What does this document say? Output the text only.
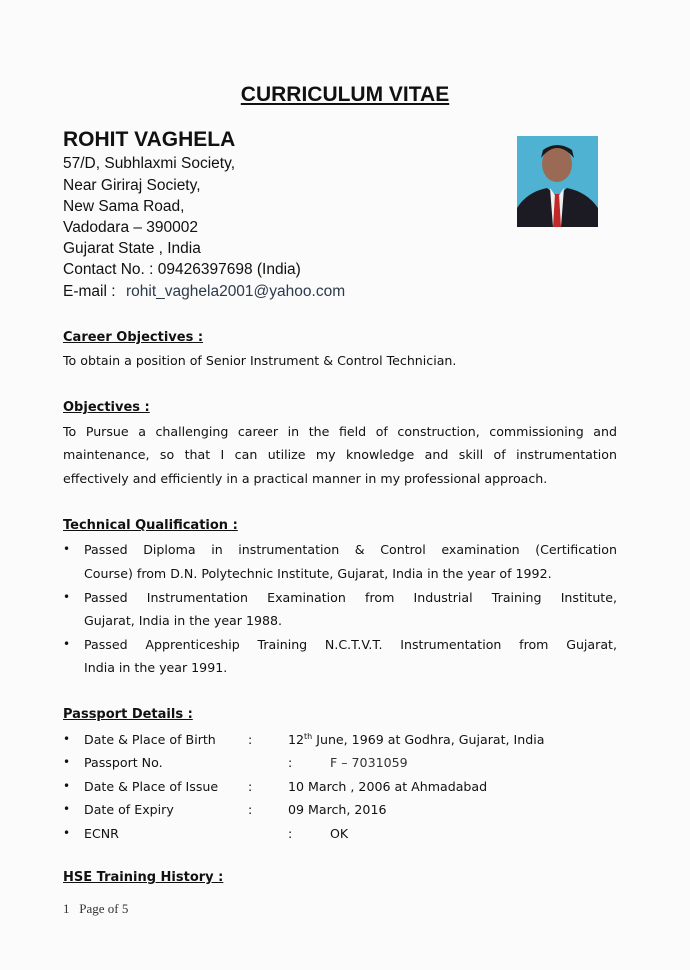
CURRICULUM VITAE
ROHIT VAGHELA
57/D, Subhlaxmi Society,
Near Giriraj Society,
New Sama Road,
Vadodara – 390002
Gujarat State , India
Contact No. : 09426397698 (India)
E-mail : rohit_vaghela2001@yahoo.com
Career Objectives :
To obtain a position of Senior Instrument & Control Technician.
Objectives :
To Pursue a challenging career in the field of construction, commissioning and
maintenance, so that I can utilize my knowledge and skill of instrumentation
effectively and efficiently in a practical manner in my professional approach.
Technical Qualification :
• Passed Diploma in instrumentation & Control examination (Certification
Course) from D.N. Polytechnic Institute, Gujarat, India in the year of 1992.
• Passed Instrumentation Examination from Industrial Training Institute,
Gujarat, India in the year 1988.
• Passed Apprenticeship Training N.C.T.V.T. Instrumentation from Gujarat,
India in the year 1991.
Passport Details :
• Date & Place of Birth	:	12th June, 1969 at Godhra, Gujarat, India
• Passport No.	:	F – 7031059
• Date & Place of Issue :	10 March , 2006 at Ahmadabad
• Date of Expiry	:	09 March, 2016
• ECNR	:	OK
HSE Training History :
1 Page of 5
